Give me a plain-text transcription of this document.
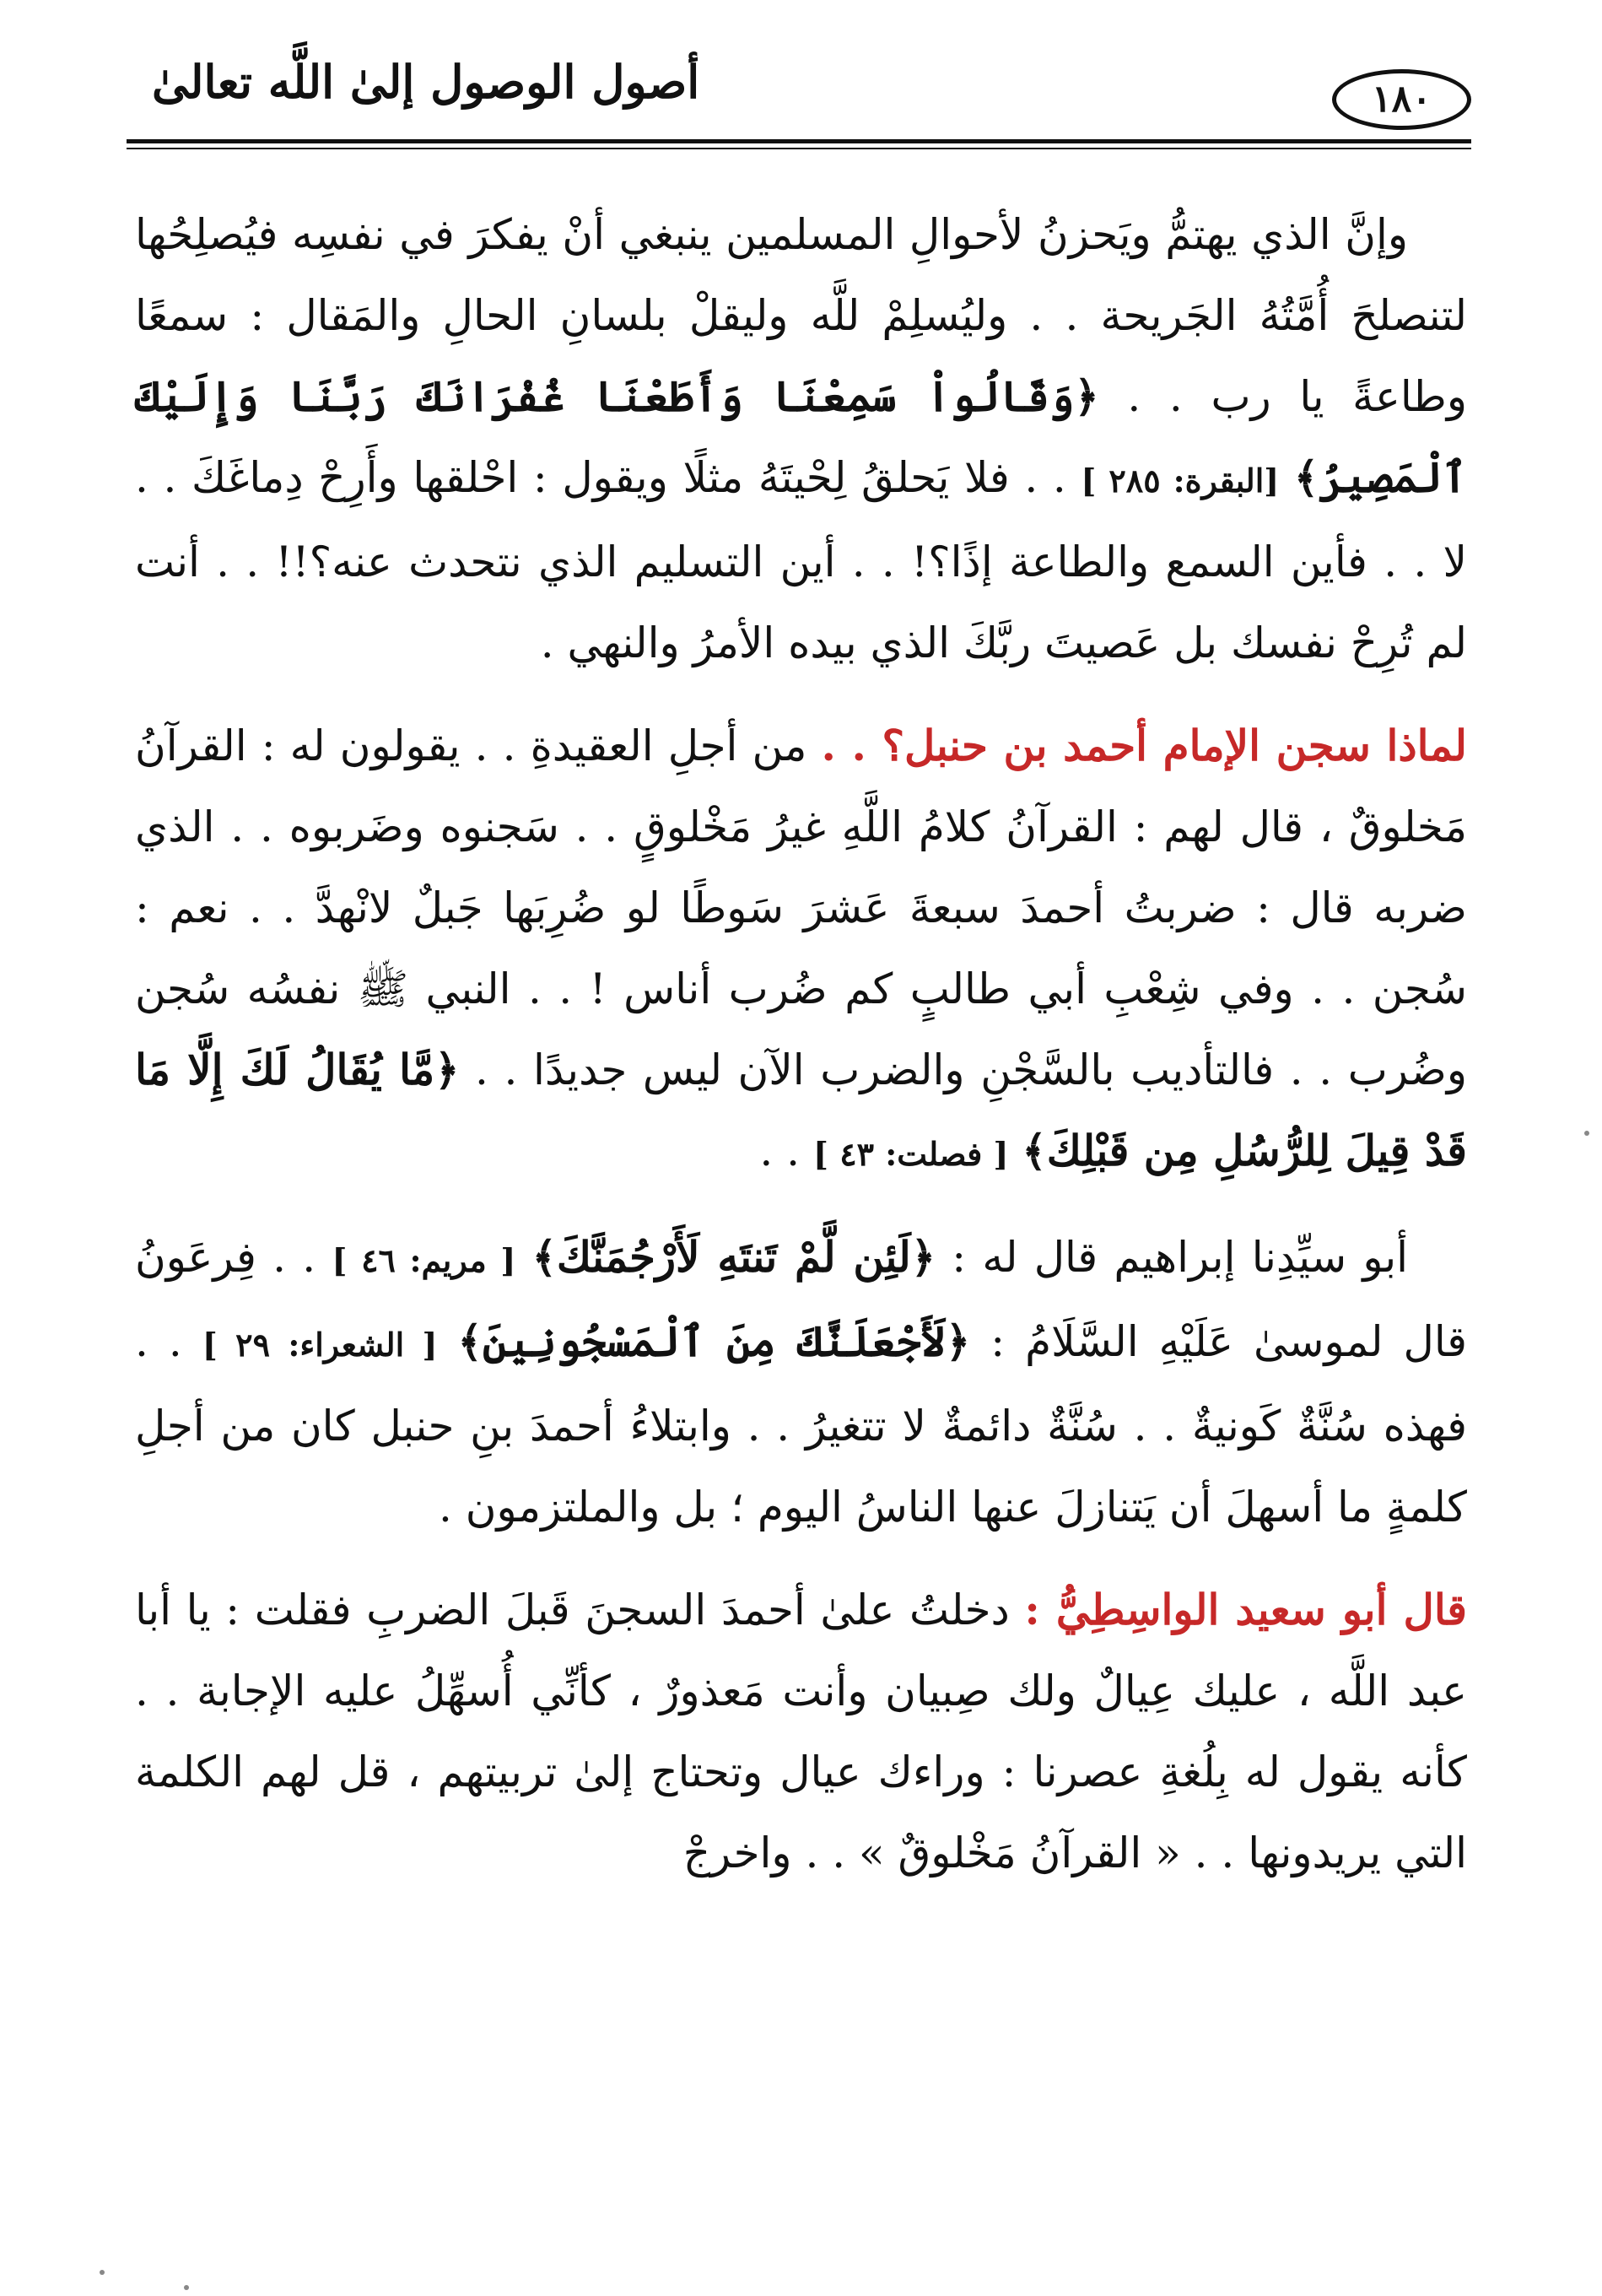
أصول الوصول إلىٰ اللَّه تعالىٰ	١٨٠

وإنَّ الذي يهتمُّ ويَحزنُ لأحوالِ المسلمين ينبغي أنْ يفكرَ في نفسِه فيُصلِحُها لتنصلحَ أُمَّتُهُ الجَريحة . . وليُسلِمْ للَّه وليقلْ بلسانِ الحالِ والمَقال : سمعًا وطاعةً يا رب . . ﴿وَقَالُواْ سَمِعْنَا وَأَطَعْنَا غُفْرَانَكَ رَبَّنَا وَإِلَيْكَ ٱلْمَصِيرُ﴾ [البقرة: ٢٨٥ ] . . فلا يَحلقُ لِحْيتَهُ مثلًا ويقول : احْلقها وأَرِحْ دِماغَكَ . . لا . . فأين السمع والطاعة إذًا؟! . . أين التسليم الذي نتحدث عنه؟!! . . أنت لم تُرِحْ نفسك بل عَصيتَ ربَّكَ الذي بيده الأمرُ والنهي .

لماذا سجن الإمام أحمد بن حنبل؟ . . من أجلِ العقيدةِ . . يقولون له : القرآنُ مَخلوقٌ ، قال لهم : القرآنُ كلامُ اللَّهِ غيرُ مَخْلوقٍ . . سَجنوه وضَربوه . . الذي ضربه قال : ضربتُ أحمدَ سبعةَ عَشرَ سَوطًا لو ضُرِبَها جَبلٌ لانْهدَّ . . نعم : سُجن . . وفي شِعْبِ أبي طالبٍ كم ضُرب أناس ! . . النبي ﷺ نفسُه سُجن وضُرب . . فالتأديب بالسَّجْنِ والضرب الآن ليس جديدًا . . ﴿مَّا يُقَالُ لَكَ إِلَّا مَا قَدْ قِيلَ لِلرُّسُلِ مِن قَبْلِكَ﴾ [ فصلت: ٤٣ ] . .

أبو سيِّدِنا إبراهيم قال له : ﴿لَئِن لَّمْ تَنتَهِ لَأَرْجُمَنَّكَ﴾ [ مريم: ٤٦ ] . . فِرعَونُ قال لموسىٰ عَلَيْهِ السَّلَامُ : ﴿لَأَجْعَلَنَّكَ مِنَ ٱلْمَسْجُونِينَ﴾ [ الشعراء: ٢٩ ] . . فهذه سُنَّةٌ كَونيةٌ . . سُنَّةٌ دائمةٌ لا تتغيرُ . . وابتلاءُ أحمدَ بنِ حنبل كان من أجلِ كلمةٍ ما أسهلَ أن يَتنازلَ عنها الناسُ اليوم ؛ بل والملتزمون .

قال أبو سعيد الواسِطِيُّ : دخلتُ علىٰ أحمدَ السجنَ قَبلَ الضربِ فقلت : يا أبا عبد اللَّه ، عليك عِيالٌ ولك صِبيان وأنت مَعذورٌ ، كأنِّي أُسهِّلُ عليه الإجابة . . كأنه يقول له بِلُغةِ عصرنا : وراءك عيال وتحتاج إلىٰ تربيتهم ، قل لهم الكلمة التي يريدونها . . « القرآنُ مَخْلوقٌ » . . واخرجْ
